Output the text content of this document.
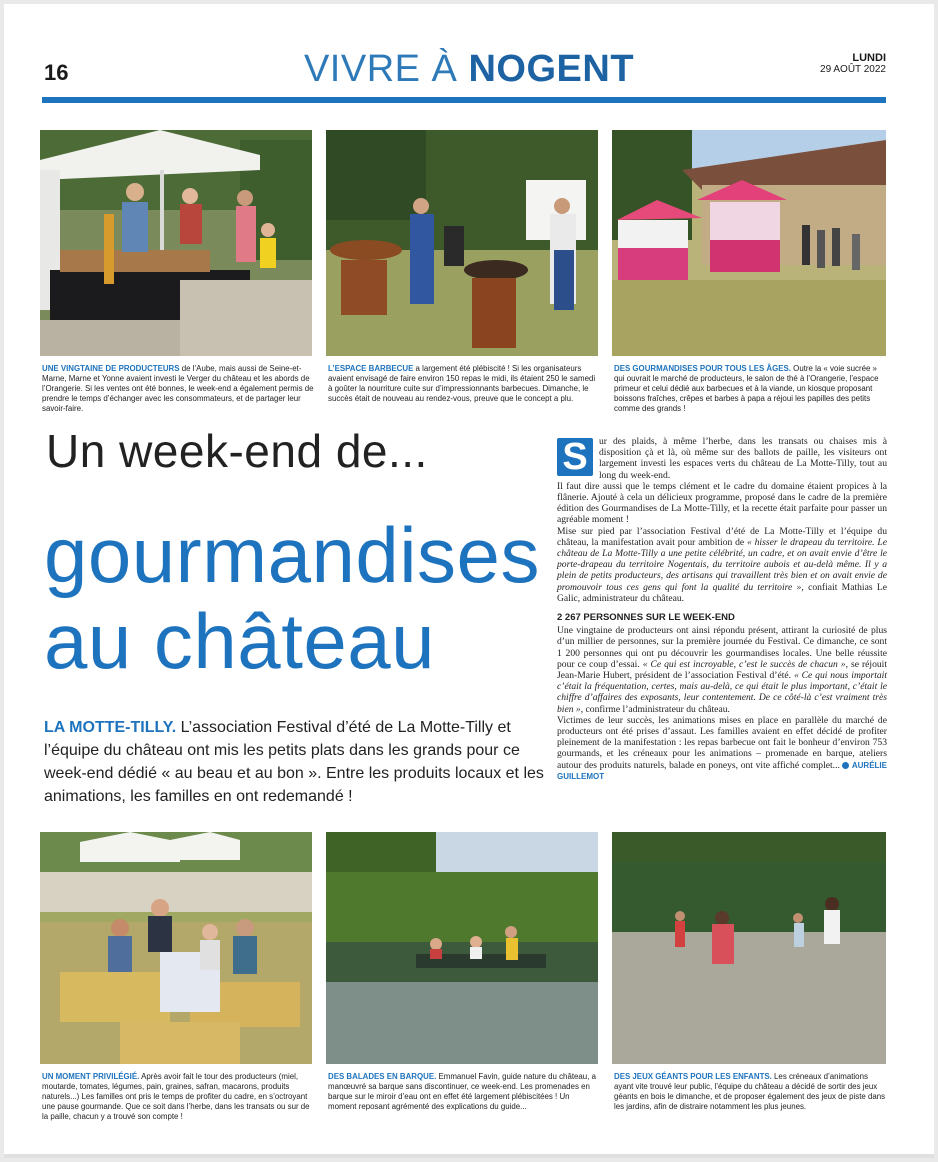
16	VIVRE À NOGENT	LUNDI
29 AOÛT 2022
UNE VINGTAINE DE PRODUCTEURS de l’Aube, mais aussi de Seine-et-Marne, Marne et Yonne avaient investi le Verger du château et les abords de l’Orangerie. Si les ventes ont été bonnes, le week-end a également permis de prendre le temps d’échanger avec les consommateurs, et de partager leur savoir-faire.
L’ESPACE BARBECUE a largement été plébiscité ! Si les organisateurs avaient envisagé de faire environ 150 repas le midi, ils étaient 250 le samedi à goûter la nourriture cuite sur d’impressionnants barbecues. Dimanche, le succès était de nouveau au rendez-vous, preuve que le concept a plu.
DES GOURMANDISES POUR TOUS LES ÂGES. Outre la « voie sucrée » qui ouvrait le marché de producteurs, le salon de thé à l’Orangerie, l’espace primeur et celui dédié aux barbecues et à la viande, un kiosque proposant boissons fraîches, crêpes et barbes à papa a réjoui les papilles des petits comme des grands !
Un week-end de...
gourmandises
au château
LA MOTTE-TILLY. L’association Festival d’été de La Motte-Tilly et l’équipe du château ont mis les petits plats dans les grands pour ce week-end dédié « au beau et au bon ». Entre les produits locaux et les animations, les familles en ont redemandé !

S	ur des plaids, à même l’herbe, dans les transats ou chaises mis à disposition çà et là, où même sur des ballots de paille, les visiteurs ont largement investi les espaces verts du château de La Motte-Tilly, tout au long du week-end.

Il faut dire aussi que le temps clément et le cadre du domaine étaient propices à la flânerie. Ajouté à cela un délicieux programme, proposé dans le cadre de la première édition des Gourmandises de La Motte-Tilly, et la recette était parfaite pour passer un agréable moment !

Mise sur pied par l’association Festival d’été de La Motte-Tilly et l’équipe du château, la manifestation avait pour ambition de « hisser le drapeau du territoire. Le château de La Motte-Tilly a une petite célébrité, un cadre, et on avait envie d’être le porte-drapeau du territoire Nogentais, du territoire aubois et au-delà même. Il y a plein de petits producteurs, des artisans qui travaillent très bien et on avait envie de promouvoir tous ces gens qui font la qualité du territoire », confiait Mathias Le Galic, administrateur du château.

2 267 PERSONNES SUR LE WEEK-END

Une vingtaine de producteurs ont ainsi répondu présent, attirant la curiosité de plus d’un millier de personnes, sur la première journée du Festival. Ce dimanche, ce sont 1 200 personnes qui ont pu découvrir les gourmandises locales. Une belle réussite pour ce coup d’essai. « Ce qui est incroyable, c’est le succès de chacun », se réjouit Jean-Marie Hubert, président de l’association Festival d’été. « Ce qui nous importait c’était la fréquentation, certes, mais au-delà, ce qui était le plus important, c’était le chiffre d’affaires des exposants, leur contentement. De ce côté-là c’est vraiment très bien », confirme l’administrateur du château.

Victimes de leur succès, les animations mises en place en parallèle du marché de producteurs ont été prises d’assaut. Les familles avaient en effet décidé de profiter pleinement de la manifestation : les repas barbecue ont fait le bonheur d’environ 753 gourmands, et les créneaux pour les animations – promenade en barque, ateliers autour des produits naturels, balade en poneys, ont vite affiché complet... AURÉLIE GUILLEMOT

UN MOMENT PRIVILÉGIÉ. Après avoir fait le tour des producteurs (miel, moutarde, tomates, légumes, pain, graines, safran, macarons, produits naturels...) Les familles ont pris le temps de profiter du cadre, en s’octroyant une pause gourmande. Que ce soit dans l’herbe, dans les transats ou sur de la paille, chacun y a trouvé son compte !
DES BALADES EN BARQUE. Emmanuel Favin, guide nature du château, a manœuvré sa barque sans discontinuer, ce week-end. Les promenades en barque sur le miroir d’eau ont en effet été largement plébiscitées ! Un moment reposant agrémenté des explications du guide...
DES JEUX GÉANTS POUR LES ENFANTS. Les créneaux d’animations ayant vite trouvé leur public, l’équipe du château a décidé de sortir des jeux géants en bois le dimanche, et de proposer également des jeux de piste dans les jardins, afin de distraire notamment les plus jeunes.
